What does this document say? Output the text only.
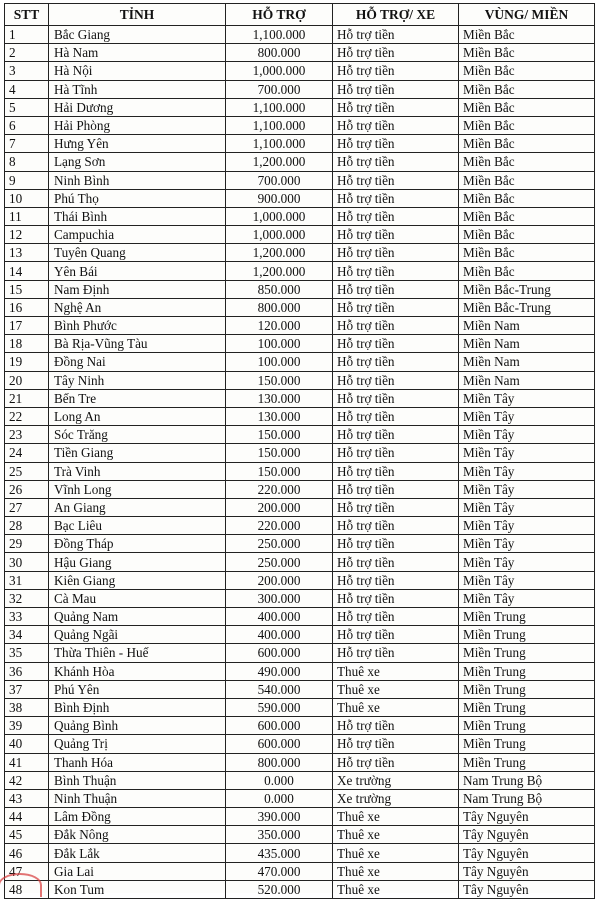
STT	TỈNH	HỖ TRỢ	HỖ TRỢ/ XE	VÙNG/ MIỀN
1	Bắc Giang	1,100.000	Hỗ trợ tiền	Miền Bắc
2	Hà Nam	800.000	Hỗ trợ tiền	Miền Bắc
3	Hà Nội	1,000.000	Hỗ trợ tiền	Miền Bắc
4	Hà Tĩnh	700.000	Hỗ trợ tiền	Miền Bắc
5	Hải Dương	1,100.000	Hỗ trợ tiền	Miền Bắc
6	Hải Phòng	1,100.000	Hỗ trợ tiền	Miền Bắc
7	Hưng Yên	1,100.000	Hỗ trợ tiền	Miền Bắc
8	Lạng Sơn	1,200.000	Hỗ trợ tiền	Miền Bắc
9	Ninh Bình	700.000	Hỗ trợ tiền	Miền Bắc
10	Phú Thọ	900.000	Hỗ trợ tiền	Miền Bắc
11	Thái Bình	1,000.000	Hỗ trợ tiền	Miền Bắc
12	Campuchia	1,000.000	Hỗ trợ tiền	Miền Bắc
13	Tuyên Quang	1,200.000	Hỗ trợ tiền	Miền Bắc
14	Yên Bái	1,200.000	Hỗ trợ tiền	Miền Bắc
15	Nam Định	850.000	Hỗ trợ tiền	Miền Bắc-Trung
16	Nghệ An	800.000	Hỗ trợ tiền	Miền Bắc-Trung
17	Bình Phước	120.000	Hỗ trợ tiền	Miền Nam
18	Bà Rịa-Vũng Tàu	100.000	Hỗ trợ tiền	Miền Nam
19	Đồng Nai	100.000	Hỗ trợ tiền	Miền Nam
20	Tây Ninh	150.000	Hỗ trợ tiền	Miền Nam
21	Bến Tre	130.000	Hỗ trợ tiền	Miền Tây
22	Long An	130.000	Hỗ trợ tiền	Miền Tây
23	Sóc Trăng	150.000	Hỗ trợ tiền	Miền Tây
24	Tiền Giang	150.000	Hỗ trợ tiền	Miền Tây
25	Trà Vinh	150.000	Hỗ trợ tiền	Miền Tây
26	Vĩnh Long	220.000	Hỗ trợ tiền	Miền Tây
27	An Giang	200.000	Hỗ trợ tiền	Miền Tây
28	Bạc Liêu	220.000	Hỗ trợ tiền	Miền Tây
29	Đồng Tháp	250.000	Hỗ trợ tiền	Miền Tây
30	Hậu Giang	250.000	Hỗ trợ tiền	Miền Tây
31	Kiên Giang	200.000	Hỗ trợ tiền	Miền Tây
32	Cà Mau	300.000	Hỗ trợ tiền	Miền Tây
33	Quảng Nam	400.000	Hỗ trợ tiền	Miền Trung
34	Quảng Ngãi	400.000	Hỗ trợ tiền	Miền Trung
35	Thừa Thiên - Huế	600.000	Hỗ trợ tiền	Miền Trung
36	Khánh Hòa	490.000	Thuê xe	Miền Trung
37	Phú Yên	540.000	Thuê xe	Miền Trung
38	Bình Định	590.000	Thuê xe	Miền Trung
39	Quảng Bình	600.000	Hỗ trợ tiền	Miền Trung
40	Quảng Trị	600.000	Hỗ trợ tiền	Miền Trung
41	Thanh Hóa	800.000	Hỗ trợ tiền	Miền Trung
42	Bình Thuận	0.000	Xe trường	Nam Trung Bộ
43	Ninh Thuận	0.000	Xe trường	Nam Trung Bộ
44	Lâm Đồng	390.000	Thuê xe	Tây Nguyên
45	Đắk Nông	350.000	Thuê xe	Tây Nguyên
46	Đắk Lắk	435.000	Thuê xe	Tây Nguyên
47	Gia Lai	470.000	Thuê xe	Tây Nguyên
48	Kon Tum	520.000	Thuê xe	Tây Nguyên
